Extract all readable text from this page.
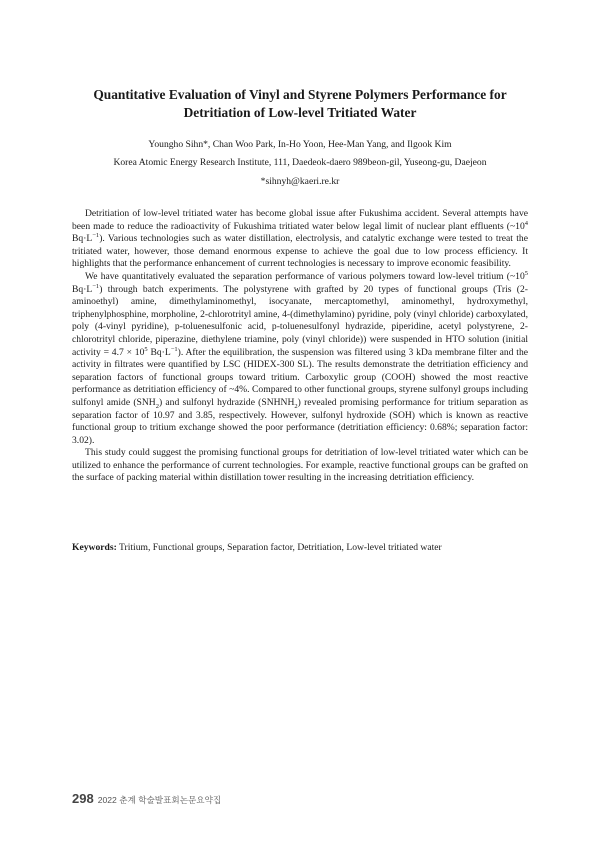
Quantitative Evaluation of Vinyl and Styrene Polymers Performance for
Detritiation of Low-level Tritiated Water
Youngho Sihn*, Chan Woo Park, In-Ho Yoon, Hee-Man Yang, and Ilgook Kim
Korea Atomic Energy Research Institute, 111, Daedeok-daero 989beon-gil, Yuseong-gu, Daejeon
*sihnyh@kaeri.re.kr

Detritiation of low-level tritiated water has become global issue after Fukushima accident. Several attempts have been made to reduce the radioactivity of Fukushima tritiated water below legal limit of nuclear plant effluents ($\sim 10^4$ $Bq\cdot L^{-1}$). Various technologies such as water distillation, electrolysis, and catalytic exchange were tested to treat the tritiated water, however, those demand enormous expense to achieve the goal due to low process efficiency. It highlights that the performance enhancement of current technologies is necessary to improve economic feasibility.

We have quantitatively evaluated the separation performance of various polymers toward low-level tritium ($\sim 10^5$ $Bq\cdot L^{-1}$) through batch experiments. The polystyrene with grafted by 20 types of functional groups (Tris (2-aminoethyl) amine, dimethylaminomethyl, isocyanate, mercaptomethyl, aminomethyl, hydroxymethyl, triphenylphosphine, morpholine, 2-chlorotrityl amine, 4-(dimethylamino) pyridine, poly (vinyl chloride) carboxylated, poly (4-vinyl pyridine), p-toluenesulfonic acid, p-toluenesulfonyl hydrazide, piperidine, acetyl polystyrene, 2-chlorotrityl chloride, piperazine, diethylene triamine, poly (vinyl chloride)) were suspended in HTO solution (initial activity = $4.7 \times 10^5$ $Bq\cdot L^{-1}$). After the equilibration, the suspension was filtered using 3 kDa membrane filter and the activity in filtrates were quantified by LSC (HIDEX-300 SL). The results demonstrate the detritiation efficiency and separation factors of functional groups toward tritium. Carboxylic group (COOH) showed the most reactive performance as detritiation efficiency of ~4%. Compared to other functional groups, styrene sulfonyl groups including sulfonyl amide $(SNH_2)$ and sulfonyl hydrazide $(SNHNH_2)$ revealed promising performance for tritium separation as separation factor of 10.97 and 3.85, respectively. However, sulfonyl hydroxide (SOH) which is known as reactive functional group to tritium exchange showed the poor performance (detritiation efficiency: 0.68%; separation factor: 3.02).

This study could suggest the promising functional groups for detritiation of low-level tritiated water which can be utilized to enhance the performance of current technologies. For example, reactive functional groups can be grafted on the surface of packing material within distillation tower resulting in the increasing detritiation efficiency.

Keywords: Tritium, Functional groups, Separation factor, Detritiation, Low-level tritiated water
298 2022 춘계 학술발표회논문요약집
